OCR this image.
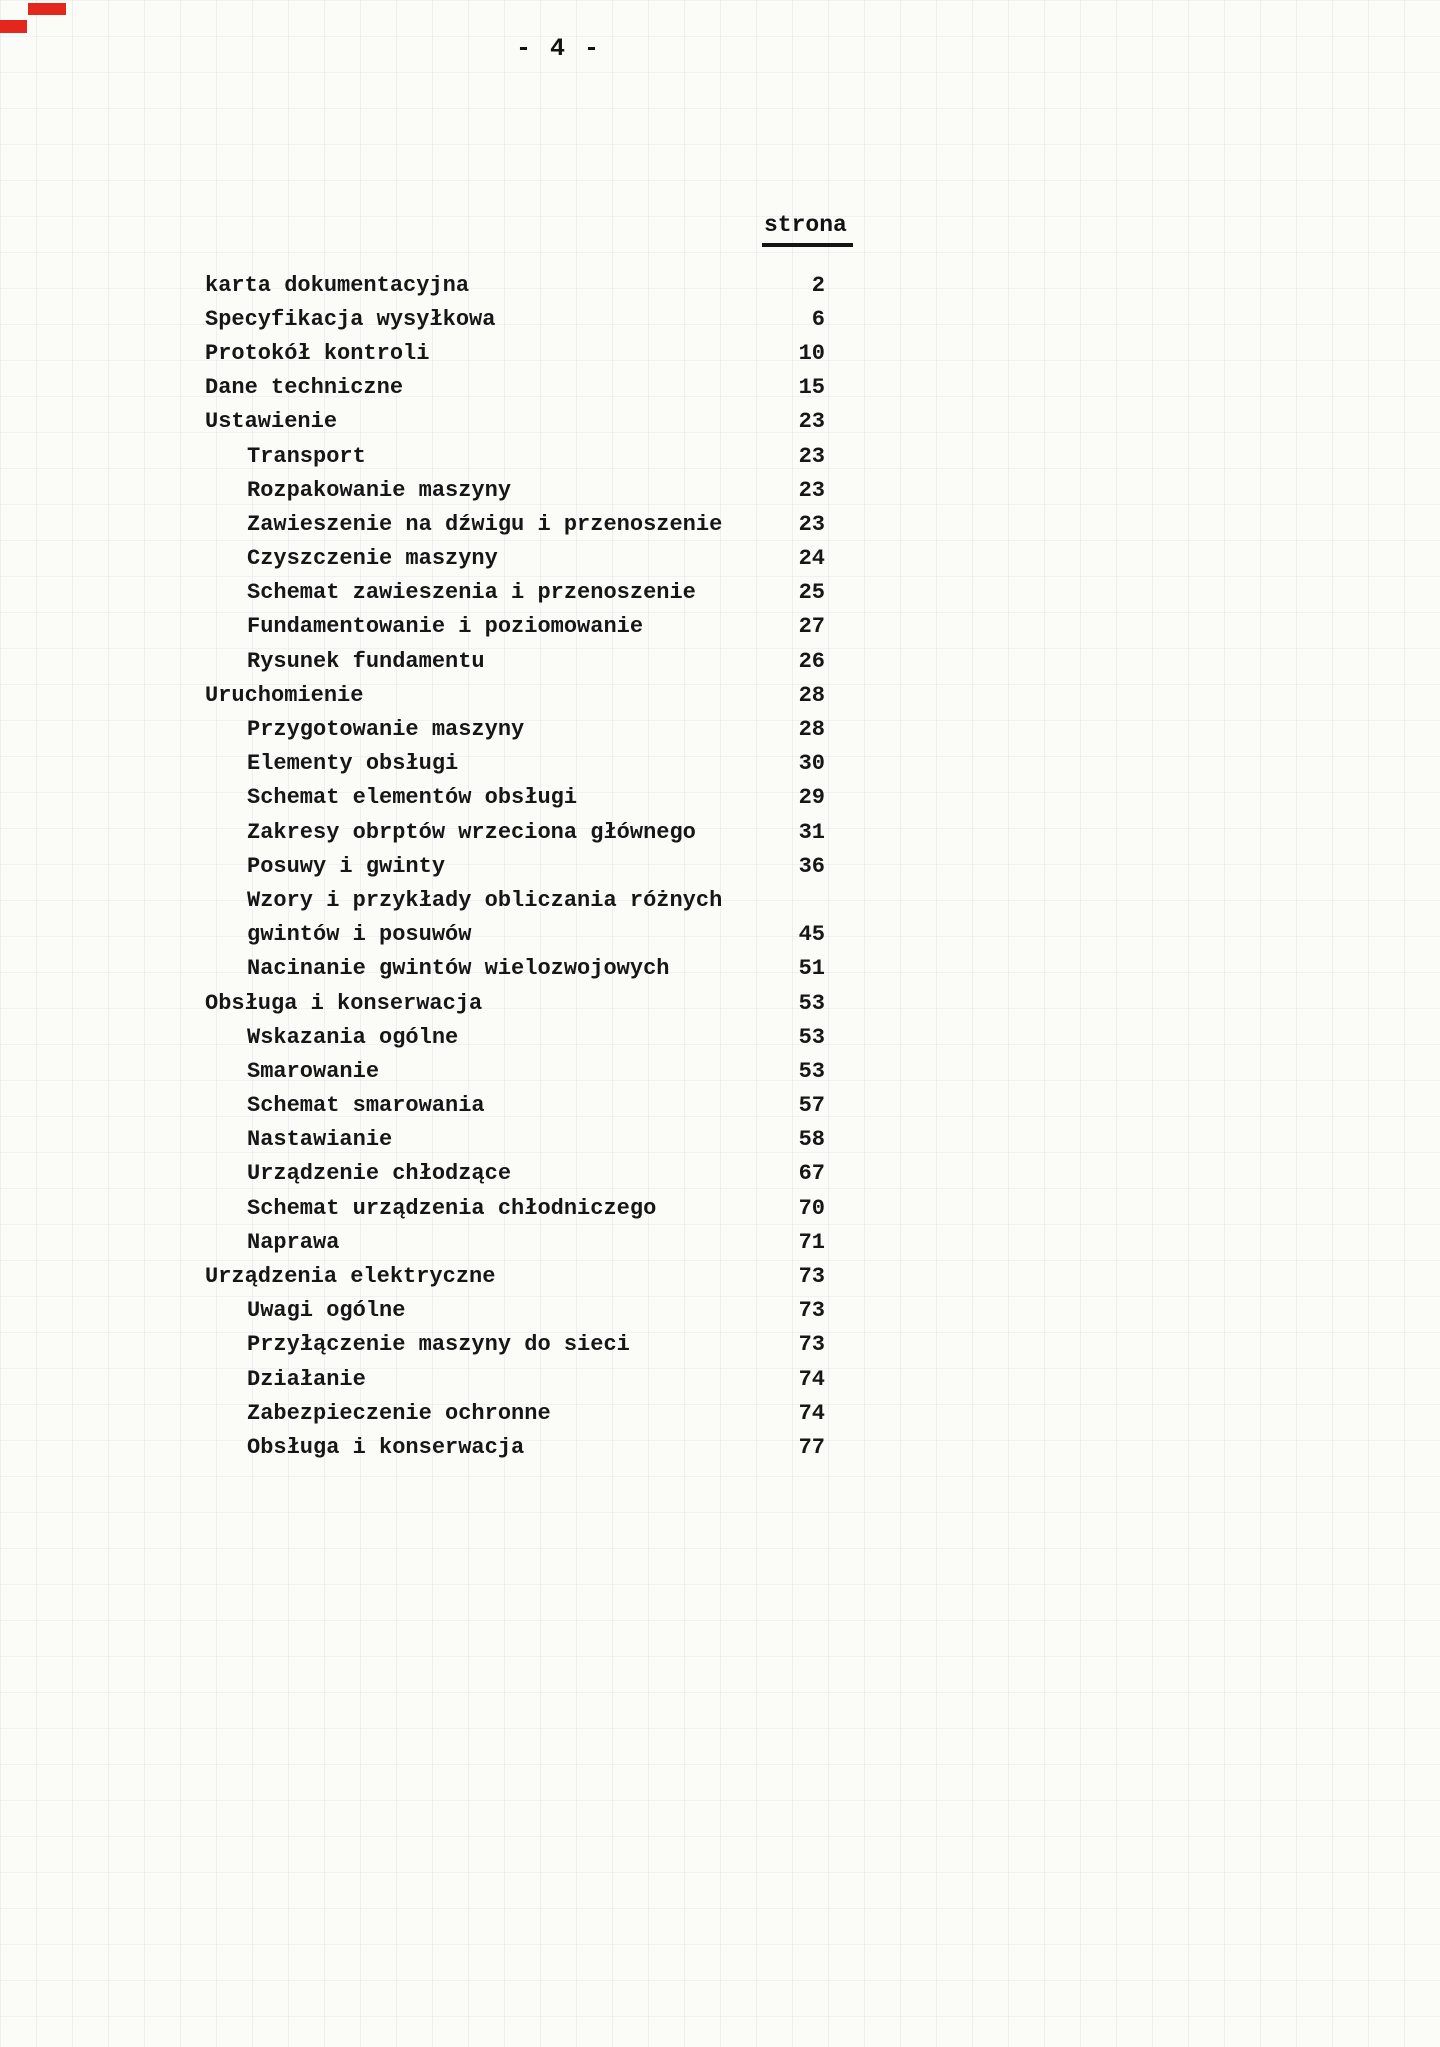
- 4 -
strona
karta dokumentacyjna	2
Specyfikacja wysyłkowa	6
Protokół kontroli	10
Dane techniczne	15
Ustawienie	23
Transport	23
Rozpakowanie maszyny	23
Zawieszenie na dźwigu i przenoszenie	23
Czyszczenie maszyny	24
Schemat zawieszenia i przenoszenie	25
Fundamentowanie i poziomowanie	27
Rysunek fundamentu	26
Uruchomienie	28
Przygotowanie maszyny	28
Elementy obsługi	30
Schemat elementów obsługi	29
Zakresy obrptów wrzeciona głównego	31
Posuwy i gwinty	36
Wzory i przykłady obliczania różnych
gwintów i posuwów	45
Nacinanie gwintów wielozwojowych	51
Obsługa i konserwacja	53
Wskazania ogólne	53
Smarowanie	53
Schemat smarowania	57
Nastawianie	58
Urządzenie chłodzące	67
Schemat urządzenia chłodniczego	70
Naprawa	71
Urządzenia elektryczne	73
Uwagi ogólne	73
Przyłączenie maszyny do sieci	73
Działanie	74
Zabezpieczenie ochronne	74
Obsługa i konserwacja	77
